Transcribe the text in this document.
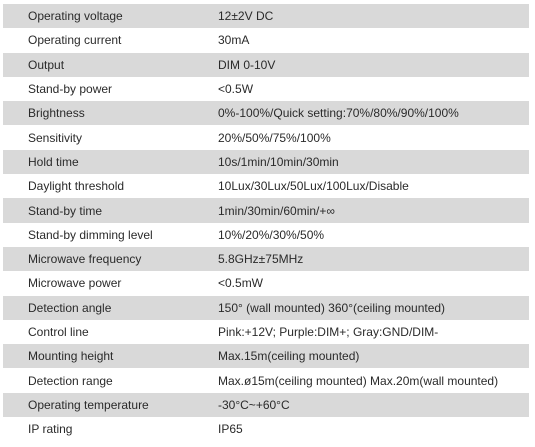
Operating voltage	12±2V DC
Operating current	30mA
Output	DIM 0-10V
Stand-by power	<0.5W
Brightness	0%-100%/Quick setting:70%/80%/90%/100%
Sensitivity	20%/50%/75%/100%
Hold time	10s/1min/10min/30min
Daylight threshold	10Lux/30Lux/50Lux/100Lux/Disable
Stand-by time	1min/30min/60min/+∞
Stand-by dimming level	10%/20%/30%/50%
Microwave frequency	5.8GHz±75MHz
Microwave power	<0.5mW
Detection angle	150° (wall mounted) 360°(ceiling mounted)
Control line	Pink:+12V; Purple:DIM+; Gray:GND/DIM-
Mounting height	Max.15m(ceiling mounted)
Detection range	Max.ø15m(ceiling mounted) Max.20m(wall mounted)
Operating temperature	-30°C~+60°C
IP rating	IP65
